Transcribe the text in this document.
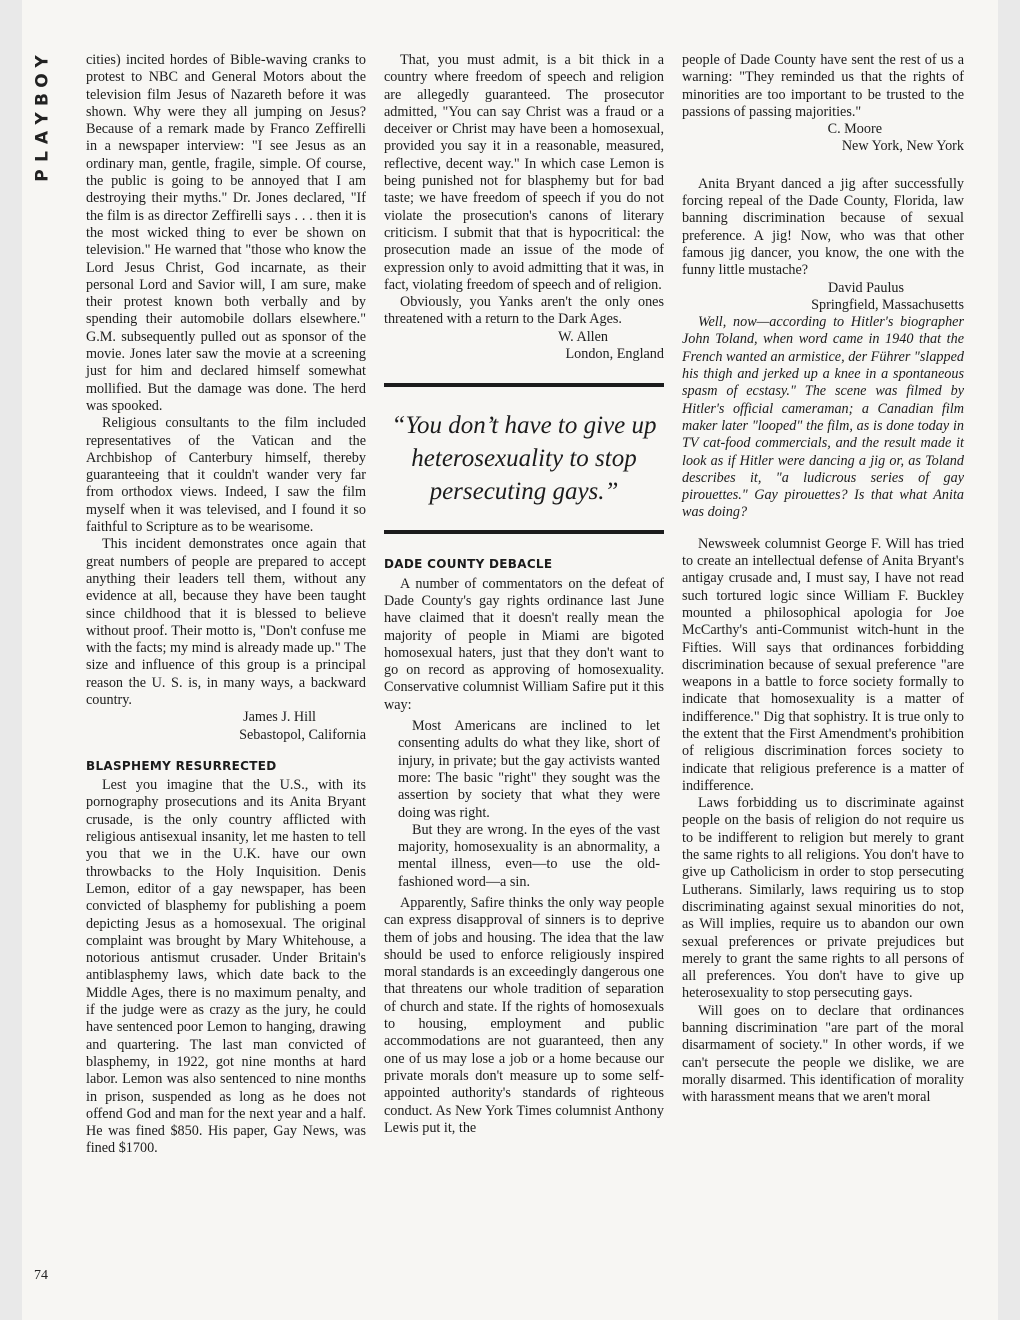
Y
O
B
Y
A
L
P
74

cities) incited hordes of Bible-waving cranks to protest to NBC and General Motors about the television film Jesus of Nazareth before it was shown. Why were they all jumping on Jesus? Because of a remark made by Franco Zeffirelli in a newspaper interview: "I see Jesus as an ordinary man, gentle, fragile, simple. Of course, the public is going to be annoyed that I am destroying their myths." Dr. Jones declared, "If the film is as director Zeffirelli says . . . then it is the most wicked thing to ever be shown on television." He warned that "those who know the Lord Jesus Christ, God incarnate, as their personal Lord and Savior will, I am sure, make their protest known both verbally and by spending their automobile dollars elsewhere." G.M. subsequently pulled out as sponsor of the movie. Jones later saw the movie at a screening just for him and declared himself somewhat mollified. But the damage was done. The herd was spooked.

Religious consultants to the film included representatives of the Vatican and the Archbishop of Canterbury himself, thereby guaranteeing that it couldn't wander very far from orthodox views. Indeed, I saw the film myself when it was televised, and I found it so faithful to Scripture as to be wearisome.

This incident demonstrates once again that great numbers of people are prepared to accept anything their leaders tell them, without any evidence at all, because they have been taught since childhood that it is blessed to believe without proof. Their motto is, "Don't confuse me with the facts; my mind is already made up." The size and influence of this group is a principal reason the U. S. is, in many ways, a backward country.

James J. Hill

Sebastopol, California

BLASPHEMY RESURRECTED

Lest you imagine that the U.S., with its pornography prosecutions and its Anita Bryant crusade, is the only country afflicted with religious antisexual insanity, let me hasten to tell you that we in the U.K. have our own throwbacks to the Holy Inquisition. Denis Lemon, editor of a gay newspaper, has been convicted of blasphemy for publishing a poem depicting Jesus as a homosexual. The original complaint was brought by Mary Whitehouse, a notorious antismut crusader. Under Britain's antiblasphemy laws, which date back to the Middle Ages, there is no maximum penalty, and if the judge were as crazy as the jury, he could have sentenced poor Lemon to hanging, drawing and quartering. The last man convicted of blasphemy, in 1922, got nine months at hard labor. Lemon was also sentenced to nine months in prison, suspended as long as he does not offend God and man for the next year and a half. He was fined $850. His paper, Gay News, was fined $1700.

That, you must admit, is a bit thick in a country where freedom of speech and religion are allegedly guaranteed. The prosecutor admitted, "You can say Christ was a fraud or a deceiver or Christ may have been a homosexual, provided you say it in a reasonable, measured, reflective, decent way." In which case Lemon is being punished not for blasphemy but for bad taste; we have freedom of speech if you do not violate the prosecution's canons of literary criticism. I submit that that is hypocritical: the prosecution made an issue of the mode of expression only to avoid admitting that it was, in fact, violating freedom of speech and of religion.

Obviously, you Yanks aren't the only ones threatened with a return to the Dark Ages.

W. Allen

London, England

“You don’t have to give up heterosexuality to stop persecuting gays.”
DADE COUNTY DEBACLE

A number of commentators on the defeat of Dade County's gay rights ordinance last June have claimed that it doesn't really mean the majority of people in Miami are bigoted homosexual haters, just that they don't want to go on record as approving of homosexuality. Conservative columnist William Safire put it this way:

Most Americans are inclined to let consenting adults do what they like, short of injury, in private; but the gay activists wanted more: The basic "right" they sought was the assertion by society that what they were doing was right.

But they are wrong. In the eyes of the vast majority, homosexuality is an abnormality, a mental illness, even—to use the old-fashioned word—a sin.

Apparently, Safire thinks the only way people can express disapproval of sinners is to deprive them of jobs and housing. The idea that the law should be used to enforce religiously inspired moral standards is an exceedingly dangerous one that threatens our whole tradition of separation of church and state. If the rights of homosexuals to housing, employment and public accommodations are not guaranteed, then any one of us may lose a job or a home because our private morals don't measure up to some self-appointed authority's standards of righteous conduct. As New York Times columnist Anthony Lewis put it, the

people of Dade County have sent the rest of us a warning: "They reminded us that the rights of minorities are too important to be trusted to the passions of passing majorities."

C. Moore

New York, New York

Anita Bryant danced a jig after successfully forcing repeal of the Dade County, Florida, law banning discrimination because of sexual preference. A jig! Now, who was that other famous jig dancer, you know, the one with the funny little mustache?

David Paulus

Springfield, Massachusetts

Well, now—according to Hitler's biographer John Toland, when word came in 1940 that the French wanted an armistice, der Führer "slapped his thigh and jerked up a knee in a spontaneous spasm of ecstasy." The scene was filmed by Hitler's official cameraman; a Canadian film maker later "looped" the film, as is done today in TV cat-food commercials, and the result made it look as if Hitler were dancing a jig or, as Toland describes it, "a ludicrous series of gay pirouettes." Gay pirouettes? Is that what Anita was doing?

Newsweek columnist George F. Will has tried to create an intellectual defense of Anita Bryant's antigay crusade and, I must say, I have not read such tortured logic since William F. Buckley mounted a philosophical apologia for Joe McCarthy's anti-Communist witch-hunt in the Fifties. Will says that ordinances forbidding discrimination because of sexual preference "are weapons in a battle to force society formally to indicate that homosexuality is a matter of indifference." Dig that sophistry. It is true only to the extent that the First Amendment's prohibition of religious discrimination forces society to indicate that religious preference is a matter of indifference.

Laws forbidding us to discriminate against people on the basis of religion do not require us to be indifferent to religion but merely to grant the same rights to all religions. You don't have to give up Catholicism in order to stop persecuting Lutherans. Similarly, laws requiring us to stop discriminating against sexual minorities do not, as Will implies, require us to abandon our own sexual preferences or private prejudices but merely to grant the same rights to all persons of all preferences. You don't have to give up heterosexuality to stop persecuting gays.

Will goes on to declare that ordinances banning discrimination "are part of the moral disarmament of society." In other words, if we can't persecute the people we dislike, we are morally disarmed. This identification of morality with harassment means that we aren't moral
